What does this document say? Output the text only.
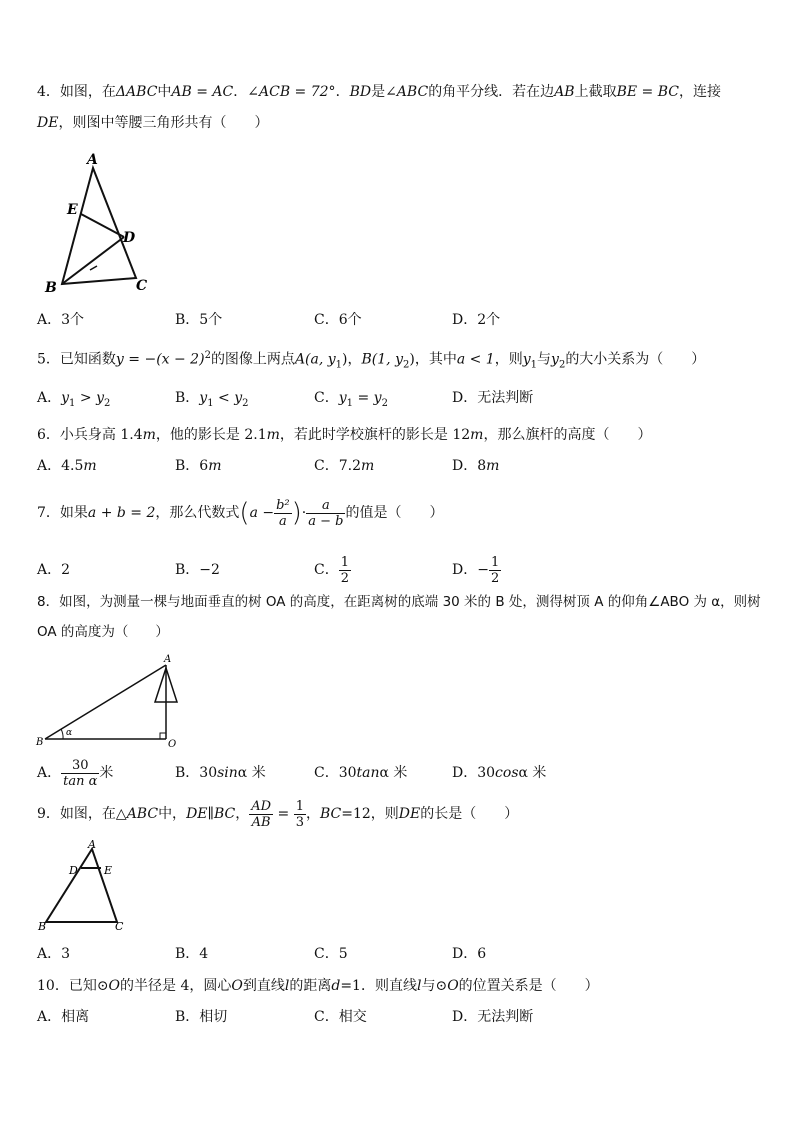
4．如图，在ΔABC中AB = AC．∠ACB = 72°．BD是∠ABC的角平分线．若在边AB上截取BE = BC，连接
DE，则图中等腰三角形共有（　　）
A
E
D
B	C
A．3个	B．5个	C．6个	D．2个
5．已知函数$y = -(x - 2)^2$的图像上两点A(a, $y_1$)，B(1, $y_2$)，其中a < 1，则$y_1$与$y_2$的大小关系为（　　）
A．$y_1 > y_2$	B．$y_1 < y_2$	C．$y_1 = y_2$	D．无法判断
6．小兵身高 1.4m，他的影长是 2.1m，若此时学校旗杆的影长是 12m，那么旗杆的高度（　　）
A．4.5m	B．6m	C．7.2m	D．8m
7．如果a + b = 2，那么代数式($a - \frac{\text{b²}}{a}$ )· $\frac{a}{a - b}$ 的值是（　　）
A．2	B．−2	C． $\frac{1}{2}$	D．− $\frac{1}{2}$
8．如图，为测量一棵与地面垂直的树 OA 的高度，在距离树的底端 30 米的 B 处，测得树顶 A 的仰角∠ABO 为 α，则树
OA 的高度为（　　）
α
A
B	O
A． $\frac{30}{\text{tan α}}$ 米	B．30sinα 米	C．30tanα 米	D．30cosα 米
9．如图，在△ABC中，DE∥BC， $\frac{AD}{AB} = \frac{1}{3}$ ，BC=12，则DE的长是（　　）
A
D E
B	C
A．3	B．4	C．5	D．6
10．已知⊙O的半径是 4，圆心O到直线l的距离d=1．则直线l与⊙O的位置关系是（　　）
A．相离	B．相切	C．相交	D．无法判断
